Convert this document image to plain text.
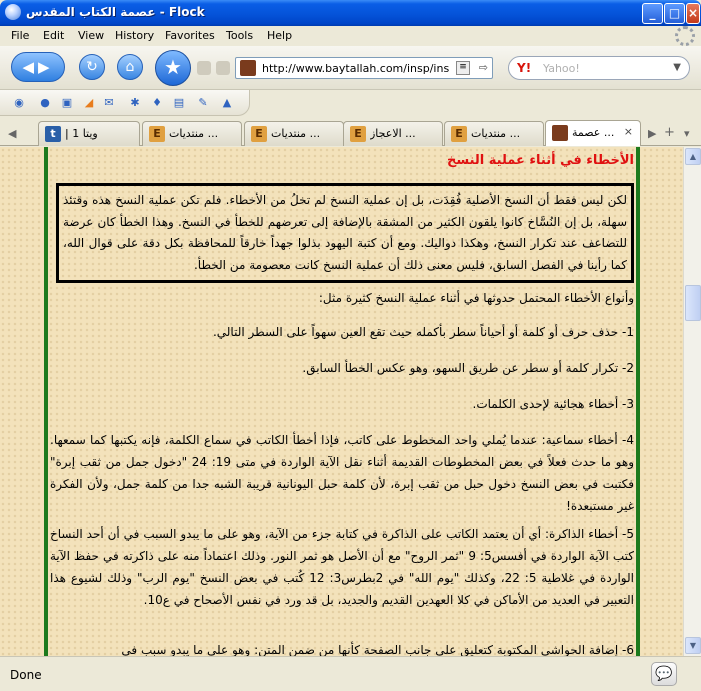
عصمة الكتاب المقدس - Flock	_	□ ×
File Edit View History Favorites Tools Help
◀▶	↻	⌂	★	http://www.baytallah.com/insp/ins	≡ ⇨ Y! Yahoo!	▼
◉ ● ▣ ◢ ✉ ✱ ♦ ▤ ✎ ▲
◀	t | 1 ويتا	E منتديات ...	E منتديات ...	E الاعجاز ...	E منتديات ...	■ عصمة ... × ▶ + ▾
الأخطاء في أثناء عملية النسخ

لكن ليس فقط أن النسخ الأصلية فُقِدَت، بل إن عملية النسخ لم تخلُ من الأخطاء. فلم تكن عملية النسخ هذه وقتئذ سهلة، بل إن النُسَّاخ كانوا يلقون الكثير من المشقة بالإضافة إلى تعرضهم للخطأ في النسخ. وهذا الخطأ كان عرضة للتضاعف عند تكرار النسخ، وهكذا دواليك. ومع أن كتبة اليهود بذلوا جهداً خارقاً للمحافظة بكل دقة على قوال الله، كما رأينا في الفصل السابق، فليس معنى ذلك أن عملية النسخ كانت معصومة من الخطأ.

وأنواع الأخطاء المحتمل حدوثها في أثناء عملية النسخ كثيرة مثل:

1- حذف حرف أو كلمة أو أحياناً سطر بأكمله حيث تقع العين سهواً على السطر التالي.

2- تكرار كلمة أو سطر عن طريق السهو، وهو عكس الخطأ السابق.

3- أخطاء هجائية لإحدى الكلمات.

4- أخطاء سماعية: عندما يُملي واحد المخطوط على كاتب، فإذا أخطأ الكاتب في سماع الكلمة، فإنه يكتبها كما سمعها. وهو ما حدث فعلاً في بعض المخطوطات القديمة أثناء نقل الآية الواردة في متى 19: 24 "دخول جمل من ثقب إبرة" فكتبت في بعض النسخ دخول حبل من ثقب إبرة، لأن كلمة حبل اليونانية قريبة الشبه جدا من كلمة جمل، ولأن الفكرة غير مستبعدة!

5- أخطاء الذاكرة: أي أن يعتمد الكاتب على الذاكرة في كتابة جزء من الآية، وهو على ما يبدو السبب في أن أحد النساخ كتب الآية الواردة في أفسس5: 9 "ثمر الروح" مع أن الأصل هو ثمر النور. وذلك اعتماداً منه على ذاكرته في حفظ الآية الواردة في غلاطية 5: 22، وكذلك "يوم الله" في 2بطرس3: 12 كُتب في بعض النسخ "يوم الرب" وذلك لشيوع هذا التعبير في العديد من الأماكن في كلا العهدين القديم والجديد، بل قد ورد في نفس الأصحاح في ع10.

6- إضافة الحواشي المكتوبة كتعليق على جانب الصفحة كأنها من ضمن المتن: وهو على ما يبدو سبب في

▲
▼
Done	💬
